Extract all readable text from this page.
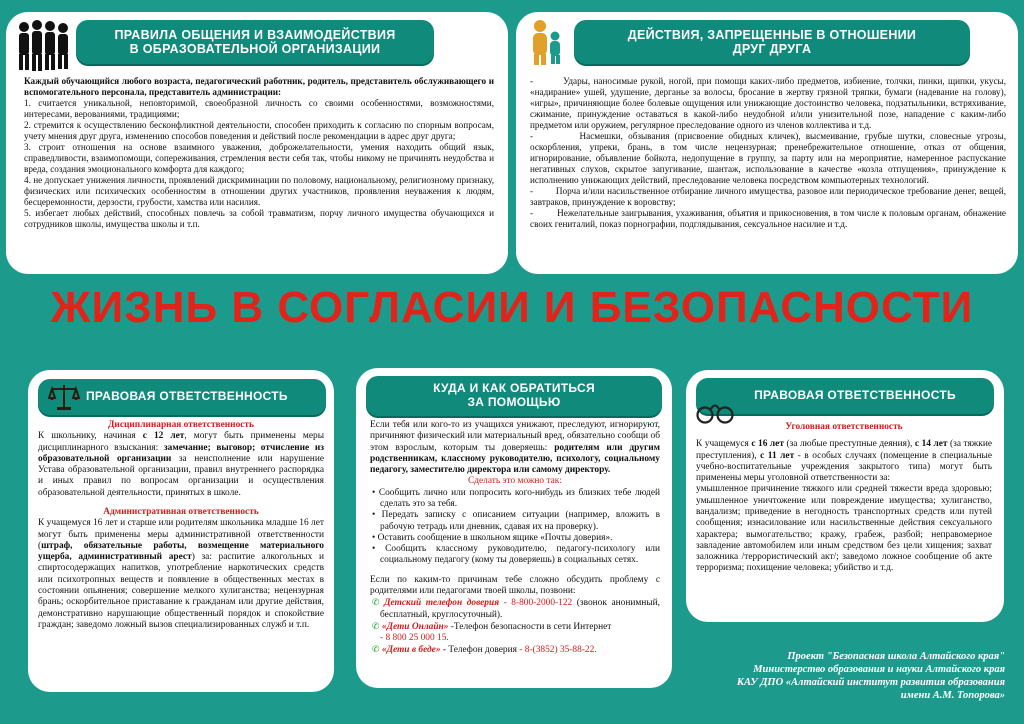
ПРАВИЛА ОБЩЕНИЯ И ВЗАИМОДЕЙСТВИЯ
В ОБРАЗОВАТЕЛЬНОЙ ОРГАНИЗАЦИИ

Каждый обучающийся любого возраста, педагогический работник, родитель, представитель обслуживающего и вспомогательного персонала, представитель администрации:

1. считается уникальной, неповторимой, своеобразной личность со своими особенностями, возможностями, интересами, верованиями, традициями;

2. стремится к осуществлению бесконфликтной деятельности, способен приходить к согласию по спорным вопросам, учету мнения друг друга, изменению способов поведения и действий после рекомендации в адрес друг друга;

3. строит отношения на основе взаимного уважения, доброжелательности, умения находить общий язык, справедливости, взаимопомощи, сопереживания, стремления вести себя так, чтобы никому не причинять неудобства и вреда, создания эмоционального комфорта для каждого;

4. не допускает унижения личности, проявлений дискриминации по половому, национальному, религиозному признаку, физических или психических особенностям в отношении других участников, проявления неуважения к людям, бесцеремонности, дерзости, грубости, хамства или насилия.

5. избегает любых действий, способных повлечь за собой травматизм, порчу личного имущества обучающихся и сотрудников школы, имущества школы и т.п.

ДЕЙСТВИЯ, ЗАПРЕЩЕННЫЕ В ОТНОШЕНИИ
ДРУГ ДРУГА

-         Удары, наносимые рукой, ногой, при помощи каких-либо предметов, избиение, толчки, пинки, щипки, укусы, «надирание» ушей, удушение, дерганье за волосы, бросание в жертву грязной тряпки, бумаги (надевание на голову), «игры», причиняющие более болевые ощущения или унижающие достоинство человека, подзатыльники, встряхивание, сжимание, принуждение оставаться в какой-либо неудобной и/или унизительной позе, нападение с каким-либо предметом или оружием, регулярное преследование одного из членов коллектива и т.д.

-         Насмешки, обзывания (присвоение обидных кличек), высмеивание, грубые шутки, словесные угрозы, оскорбления, упреки, брань, в том числе нецензурная; пренебрежительное отношение, отказ от общения, игнорирование, объявление бойкота, недопущение в группу, за парту или на мероприятие, намеренное распускание негативных слухов, скрытое запугивание, шантаж, использование в качестве «козла отпущения», принуждение к исполнению унижающих действий, преследование человека посредством компьютерных технологий.

-         Порча и/или насильственное отбирание личного имущества, разовое или периодическое требование денег, вещей, завтраков, принуждение к воровству;

-         Нежелательные заигрывания, ухаживания, объятия и прикосновения, в том числе к половым органам, обнажение своих гениталий, показ порнографии, подглядывания, сексуальное насилие и т.д.

ЖИЗНЬ В СОГЛАСИИ И БЕЗОПАСНОСТИ
ПРАВОВАЯ ОТВЕТСТВЕННОСТЬ

Дисциплинарная ответственность

К школьнику, начиная с 12 лет, могут быть применены меры дисциплинарного взыскания: замечание; выговор; отчисление из образовательной организации за неисполнение или нарушение Устава образовательной организации, правил внутреннего распорядка и иных правил по вопросам организации и осуществления образовательной деятельности, принятых в школе.

Административная ответственность

К учащемуся 16 лет и старше или родителям школьника младше 16 лет могут быть применены меры административной ответственности (штраф, обязательные работы, возмещение материального ущерба, административный арест) за: распитие алкогольных и спиртосодержащих напитков, употребление наркотических средств или психотропных веществ и появление в общественных местах в состоянии опьянения; совершение мелкого хулиганства; нецензурная брань; оскорбительное приставание к гражданам или другие действия, демонстративно нарушающие общественный порядок и спокойствие граждан; заведомо ложный вызов специализированных служб и т.п.

КУДА И КАК ОБРАТИТЬСЯ
ЗА ПОМОЩЬЮ

Если тебя или кого-то из учащихся унижают, преследуют, игнорируют, причиняют физический или материальный вред, обязательно сообщи об этом взрослым, которым ты доверяешь: родителям или другим родственникам, классному руководителю, психологу, социальному педагогу, заместителю директора или самому директору.

Сделать это можно так:

• Сообщить лично или попросить кого-нибудь из близких тебе людей сделать это за тебя.

• Передать записку с описанием ситуации (например, вложить в рабочую тетрадь или дневник, сдавая их на проверку).

• Оставить сообщение в школьном ящике «Почты доверия».

• Сообщить классному руководителю, педагогу-психологу или социальному педагогу (кому ты доверяешь) в социальных сетях.

Если по каким-то причинам тебе сложно обсудить проблему с родителями или педагогами твоей школы, позвони:

✆ Детский телефон доверия - 8-800-2000-122 (звонок анонимный, бесплатный, круглосуточный).

✆ «Дети Онлайн» -Телефон безопасности в сети Интернет
- 8 800 25 000 15.

✆ «Дети в беде» - Телефон доверия - 8-(3852) 35-88-22.

ПРАВОВАЯ ОТВЕТСТВЕННОСТЬ

Уголовная ответственность

К учащемуся с 16 лет (за любые преступные деяния), с 14 лет (за тяжкие преступления), с 11 лет - в особых случаях (помещение в специальные учебно-воспитательные учреждения закрытого типа) могут быть применены меры уголовной ответственности за:

умышленное причинение тяжкого или средней тяжести вреда здоровью; умышленное уничтожение или повреждение имущества; хулиганство, вандализм; приведение в негодность транспортных средств или путей сообщения; изнасилование или насильственные действия сексуального характера; вымогательство; кражу, грабеж, разбой; неправомерное завладение автомобилем или иным средством без цели хищения; захват заложника /террористический акт/; заведомо ложное сообщение об акте терроризма; похищение человека; убийство и т.д.

Проект "Безопасная школа Алтайского края"
Министерство образования и науки Алтайского края
КАУ ДПО «Алтайский институт развития образования
имени А.М. Топорова»
